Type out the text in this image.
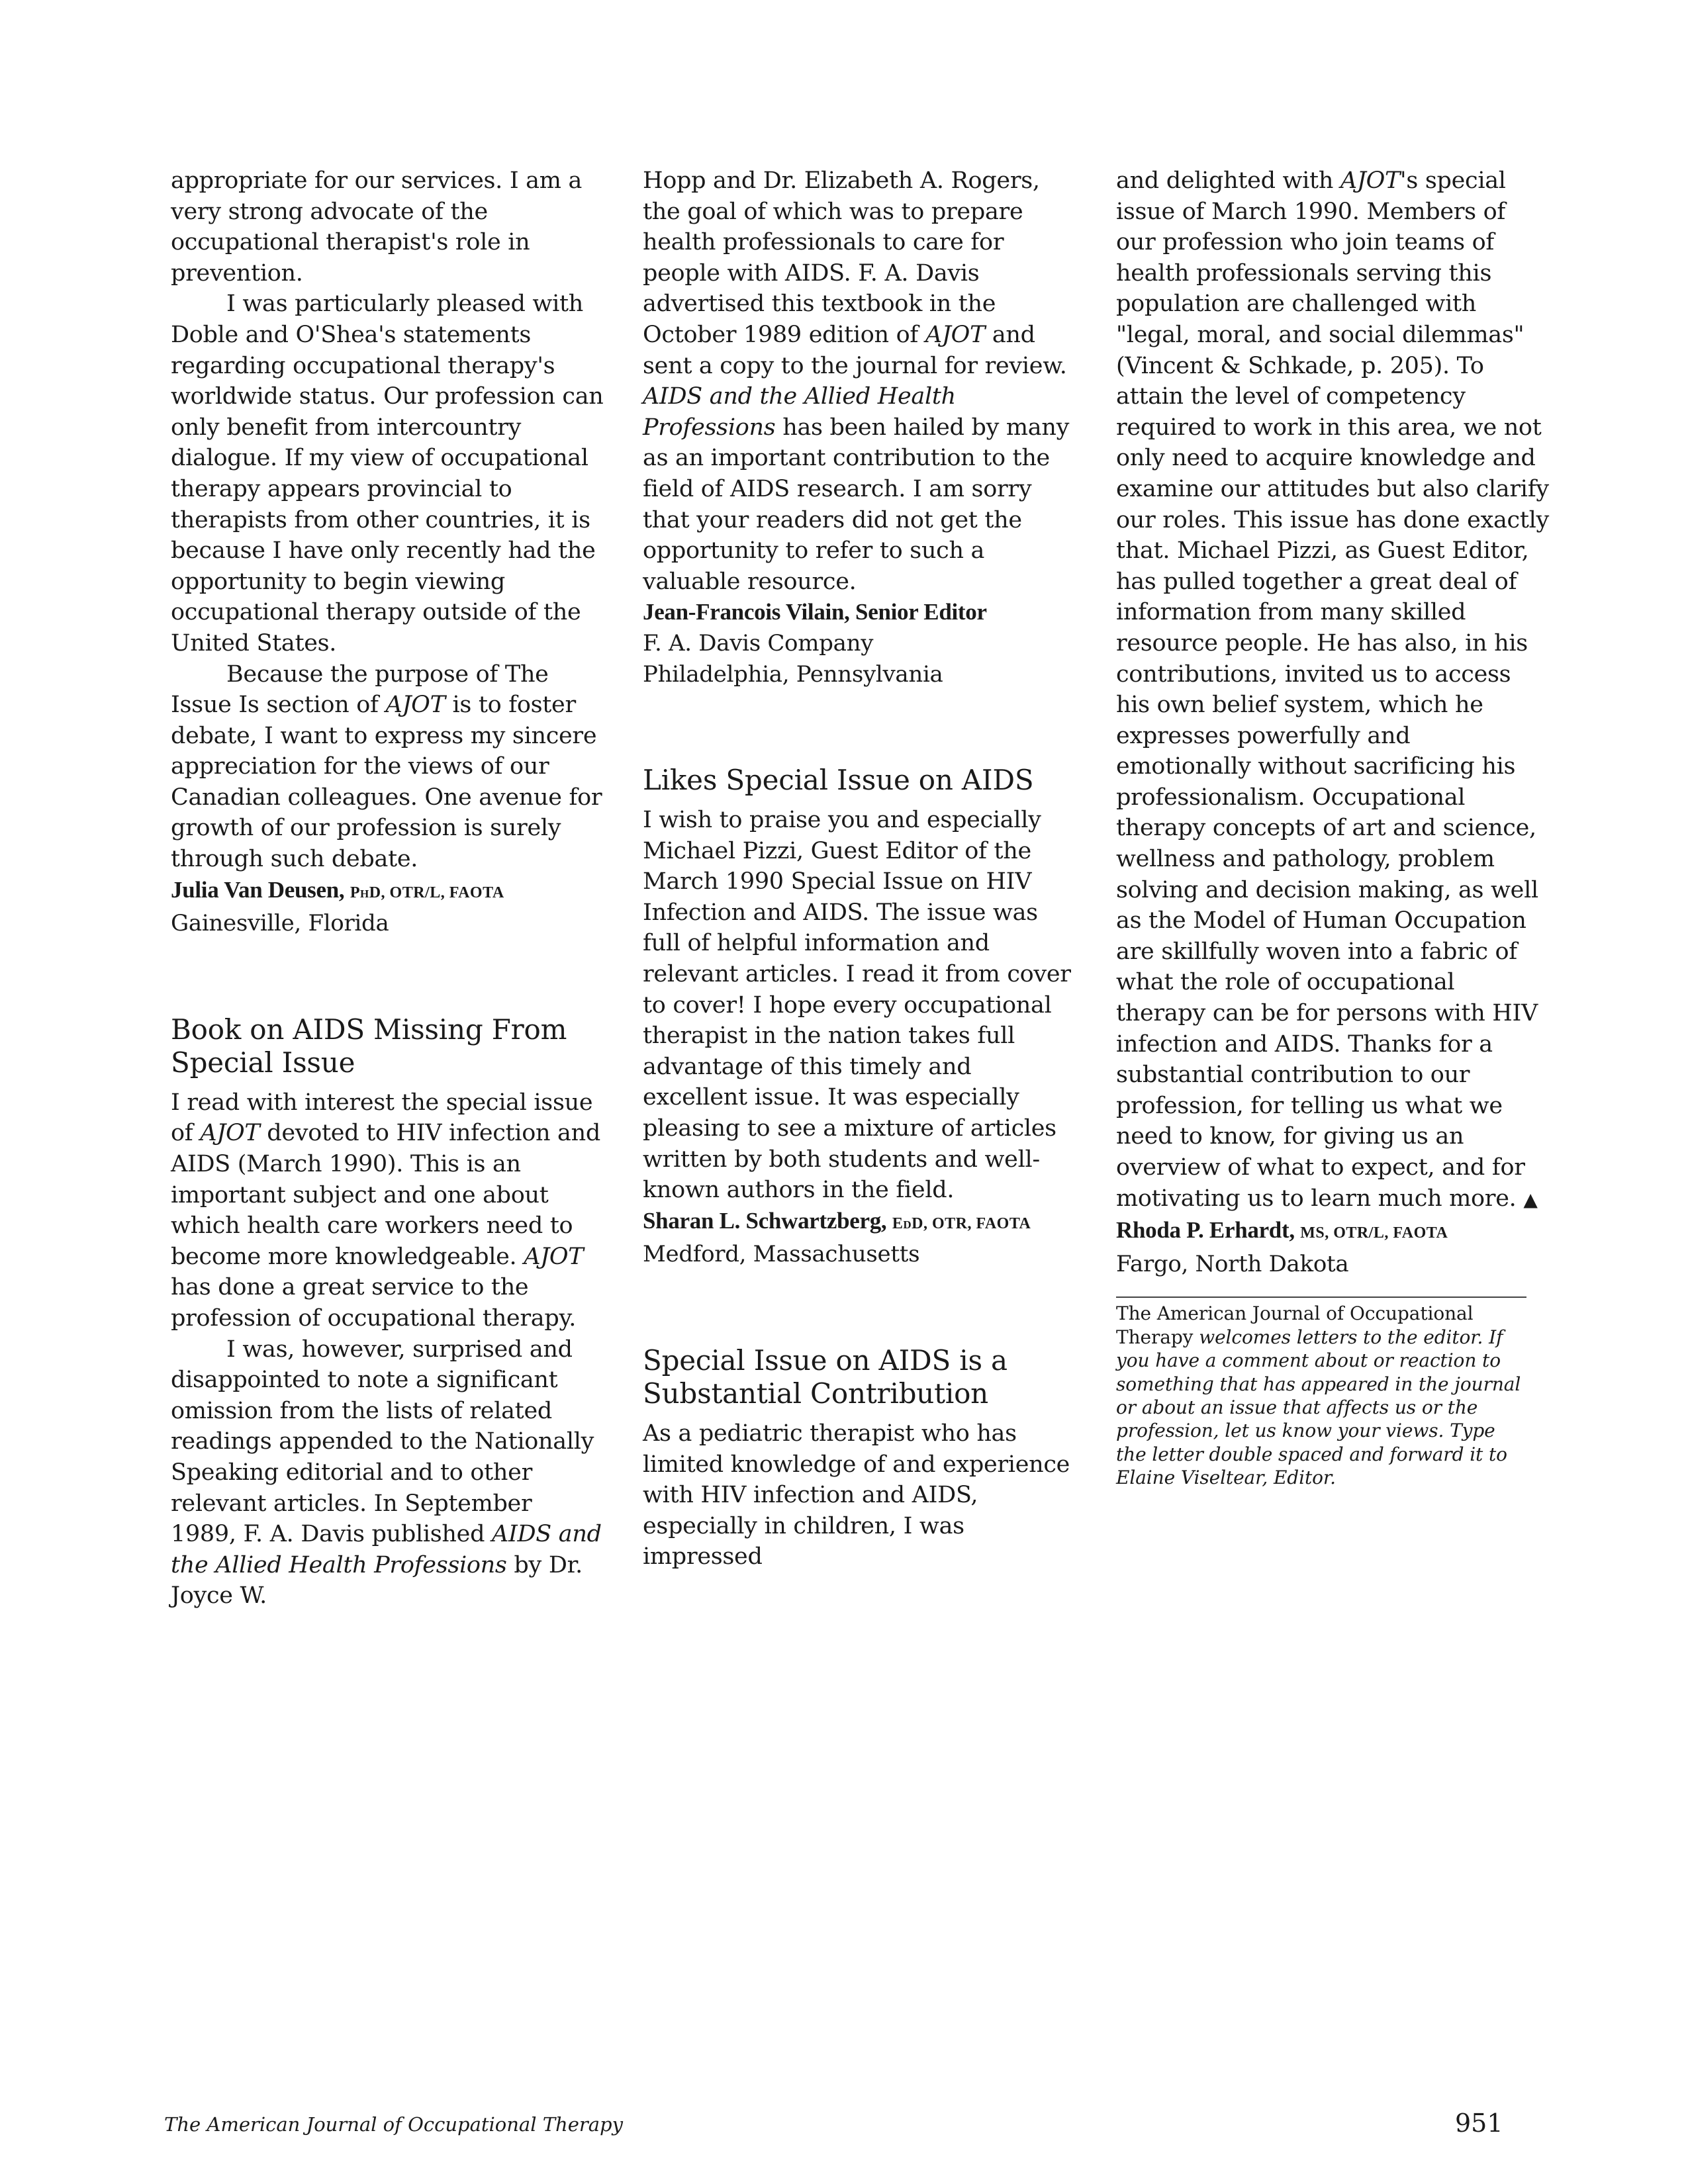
appropriate for our services. I am a very strong advocate of the occupational therapist's role in prevention.

I was particularly pleased with Doble and O'Shea's statements regarding occupational therapy's worldwide status. Our profession can only benefit from intercountry dialogue. If my view of occupational therapy appears provincial to therapists from other countries, it is because I have only recently had the opportunity to begin viewing occupational therapy outside of the United States.

Because the purpose of The Issue Is section of AJOT is to foster debate, I want to express my sincere appreciation for the views of our Canadian colleagues. One avenue for growth of our profession is surely through such debate.

Julia Van Deusen, PhD, OTR/L, FAOTA

Gainesville, Florida

Book on AIDS Missing From Special Issue

I read with interest the special issue of AJOT devoted to HIV infection and AIDS (March 1990). This is an important subject and one about which health care workers need to become more knowledgeable. AJOT has done a great service to the profession of occupational therapy.

I was, however, surprised and disappointed to note a significant omission from the lists of related readings appended to the Nationally Speaking editorial and to other relevant articles. In September 1989, F. A. Davis published AIDS and the Allied Health Professions by Dr. Joyce W.

Hopp and Dr. Elizabeth A. Rogers, the goal of which was to prepare health professionals to care for people with AIDS. F. A. Davis advertised this textbook in the October 1989 edition of AJOT and sent a copy to the journal for review. AIDS and the Allied Health Professions has been hailed by many as an important contribution to the field of AIDS research. I am sorry that your readers did not get the opportunity to refer to such a valuable resource.

Jean-Francois Vilain, Senior Editor

F. A. Davis Company

Philadelphia, Pennsylvania

Likes Special Issue on AIDS

I wish to praise you and especially Michael Pizzi, Guest Editor of the March 1990 Special Issue on HIV Infection and AIDS. The issue was full of helpful information and relevant articles. I read it from cover to cover! I hope every occupational therapist in the nation takes full advantage of this timely and excellent issue. It was especially pleasing to see a mixture of articles written by both students and well-known authors in the field.

Sharan L. Schwartzberg, EdD, OTR, FAOTA

Medford, Massachusetts

Special Issue on AIDS is a Substantial Contribution

As a pediatric therapist who has limited knowledge of and experience with HIV infection and AIDS, especially in children, I was impressed

and delighted with AJOT's special issue of March 1990. Members of our profession who join teams of health professionals serving this population are challenged with "legal, moral, and social dilemmas" (Vincent & Schkade, p. 205). To attain the level of competency required to work in this area, we not only need to acquire knowledge and examine our attitudes but also clarify our roles. This issue has done exactly that. Michael Pizzi, as Guest Editor, has pulled together a great deal of information from many skilled resource people. He has also, in his contributions, invited us to access his own belief system, which he expresses powerfully and emotionally without sacrificing his professionalism. Occupational therapy concepts of art and science, wellness and pathology, problem solving and decision making, as well as the Model of Human Occupation are skillfully woven into a fabric of what the role of occupational therapy can be for persons with HIV infection and AIDS. Thanks for a substantial contribution to our profession, for telling us what we need to know, for giving us an overview of what to expect, and for motivating us to learn much more. ▲

Rhoda P. Erhardt, MS, OTR/L, FAOTA

Fargo, North Dakota

The American Journal of Occupational Therapy welcomes letters to the editor. If you have a comment about or reaction to something that has appeared in the journal or about an issue that affects us or the profession, let us know your views. Type the letter double spaced and forward it to Elaine Viseltear, Editor.

The American Journal of Occupational Therapy	951
